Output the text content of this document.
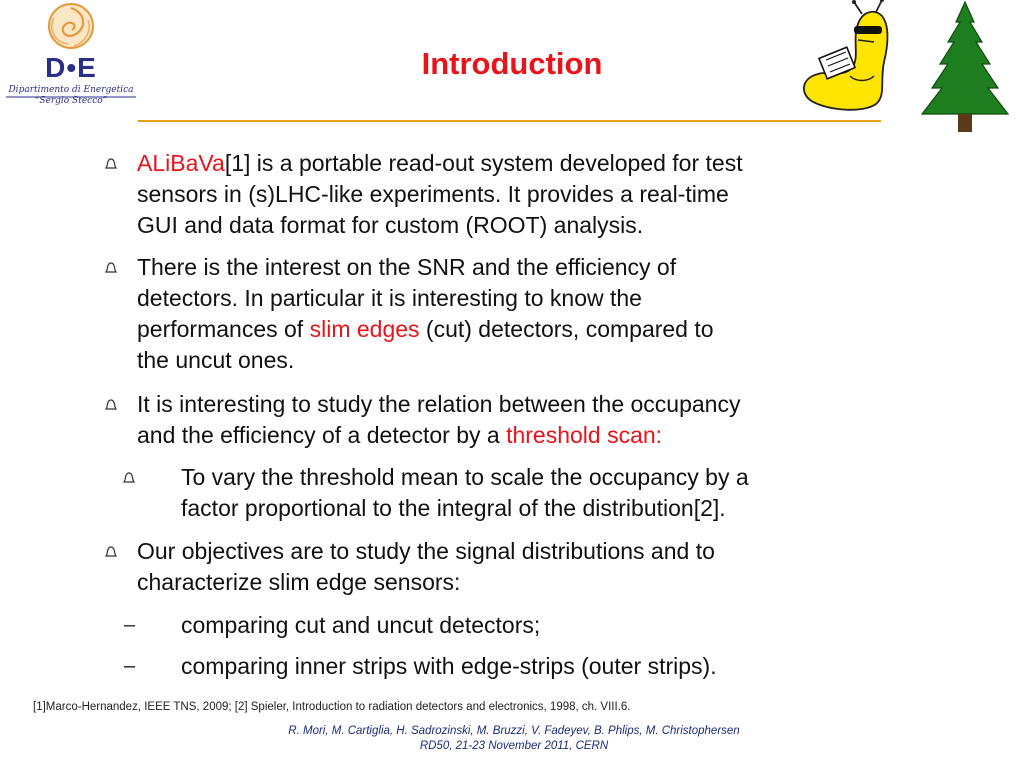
D•E
Dipartimento di Energetica
“Sergio Stecco”
Introduction
ALiBaVa[1] is a portable read-out system developed for test
sensors in (s)LHC-like experiments. It provides a real-time
GUI and data format for custom (ROOT) analysis.
There is the interest on the SNR and the efficiency of
detectors. In particular it is interesting to know the
performances of slim edges (cut) detectors, compared to
the uncut ones.
It is interesting to study the relation between the occupancy
and the efficiency of a detector by a threshold scan:
To vary the threshold mean to scale the occupancy by a
factor proportional to the integral of the distribution[2].
Our objectives are to study the signal distributions and to
characterize slim edge sensors:
– comparing cut and uncut detectors;
– comparing inner strips with edge-strips (outer strips).
[1]Marco-Hernandez, IEEE TNS, 2009; [2] Spieler, Introduction to radiation detectors and electronics, 1998, ch. VIII.6.
R. Mori, M. Cartiglia, H. Sadrozinski, M. Bruzzi, V. Fadeyev, B. Phlips, M. Christophersen
RD50, 21-23 November 2011, CERN
